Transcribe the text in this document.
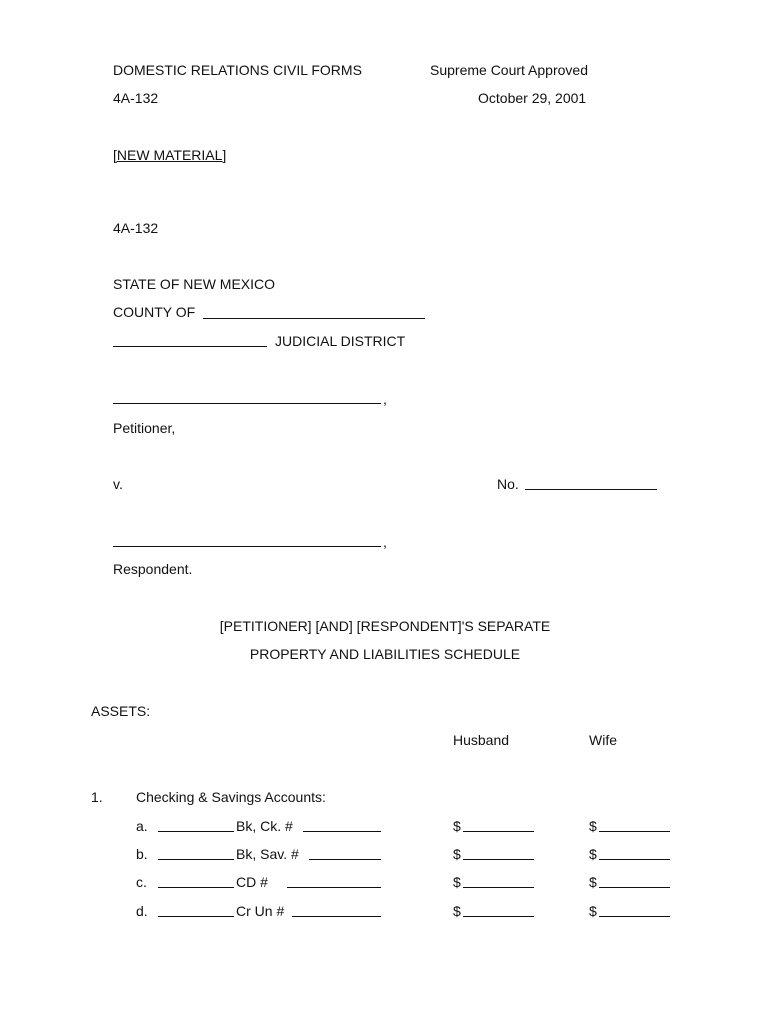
DOMESTIC RELATIONS CIVIL FORMS	Supreme Court Approved
4A-132	October 29, 2001
[NEW MATERIAL]
4A-132
STATE OF NEW MEXICO
COUNTY OF
JUDICIAL DISTRICT
,
Petitioner,
v.	No.
,
Respondent.
[PETITIONER] [AND] [RESPONDENT]'S SEPARATE
PROPERTY AND LIABILITIES SCHEDULE
ASSETS:
Husband	Wife
1. Checking & Savings Accounts:
a.	Bk, Ck. #	$	$
b.	Bk, Sav. #	$	$
c.	CD #	$	$
d.	Cr Un #	$	$
